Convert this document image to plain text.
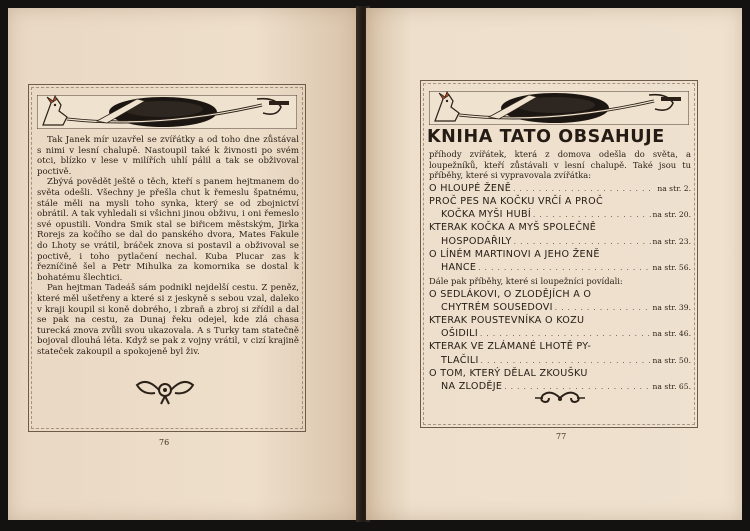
Tak Janek mír uzavřel se zvířátky a od toho dne zůstával s nimi v lesní chalupě. Nastoupil také k živnosti po svém otci, blízko v lese v milířích uhlí pálil a tak se obživoval poctivě.

Zbývá povědět ještě o těch, kteří s panem hejtmanem do světa odešli. Všechny je přešla chut k řemeslu špatnému, stále měli na mysli toho synka, který se od zbojnictví obrátil. A tak vyhledali si všichni jinou obživu, i oni řemeslo své opustili. Vondra Smik stal se biřicem městským, Jirka Rorejs za kočího se dal do panského dvora, Mates Fakule do Lhoty se vrátil, bráček znova si postavil a obživoval se poctivě, i toho pytlačení nechal. Kuba Plucar zas k řezníčině šel a Petr Mihulka za komornika se dostal k bohatému šlechtici.

Pan hejtman Tadeáš sám podnikl nejdelší cestu. Z peněz, které měl ušetřeny a které si z jeskyně s sebou vzal, daleko v kraji koupil si koně dobrého, i zbraň a zbroj si zřídil a dal se pak na cestu, za Dunaj řeku odejel, kde zlá chasa turecká znova zvůli svou ukazovala. A s Turky tam statečně bojoval dlouhá léta. Když se pak z vojny vrátil, v cizí krajině stateček zakoupil a spokojeně byl živ.

76
KNIHA TATO OBSAHUJE

příhody zvířátek, která z domova odešla do světa, a loupežníků, kteří zůstávali v lesní chalupě. Také jsou tu příběhy, které si vypravovala zvířátka:

O HLOUPÉ ŽENĚ . . .	na str. 2.
PROČ PES NA KOČKU VRČÍ A PROČ
KOČKA MYŠI HUBÍ . . .	na str. 20.
KTERAK KOČKA A MYŠ SPOLEČNĚ
HOSPODAŘILY . . .	na str. 23.
O LÍNÉM MARTINOVI A JEHO ŽENĚ
HANCE . . .	na str. 56.

Dále pak příběhy, které si loupežníci povídali:

O SEDLÁKOVI, O ZLODĚJÍCH A O
CHYTRÉM SOUSEDOVI . . .	na str. 39.
KTERAK POUSTEVNÍKA O KOZU
OŠIDILI . . .	na str. 46.
KTERAK VE ZLÁMANÉ LHOTĚ PY-
TLAČILI . . .	na str. 50.
O TOM, KTERÝ DĚLAL ZKOUŠKU
NA ZLODĚJE . . .	na str. 65.
77
